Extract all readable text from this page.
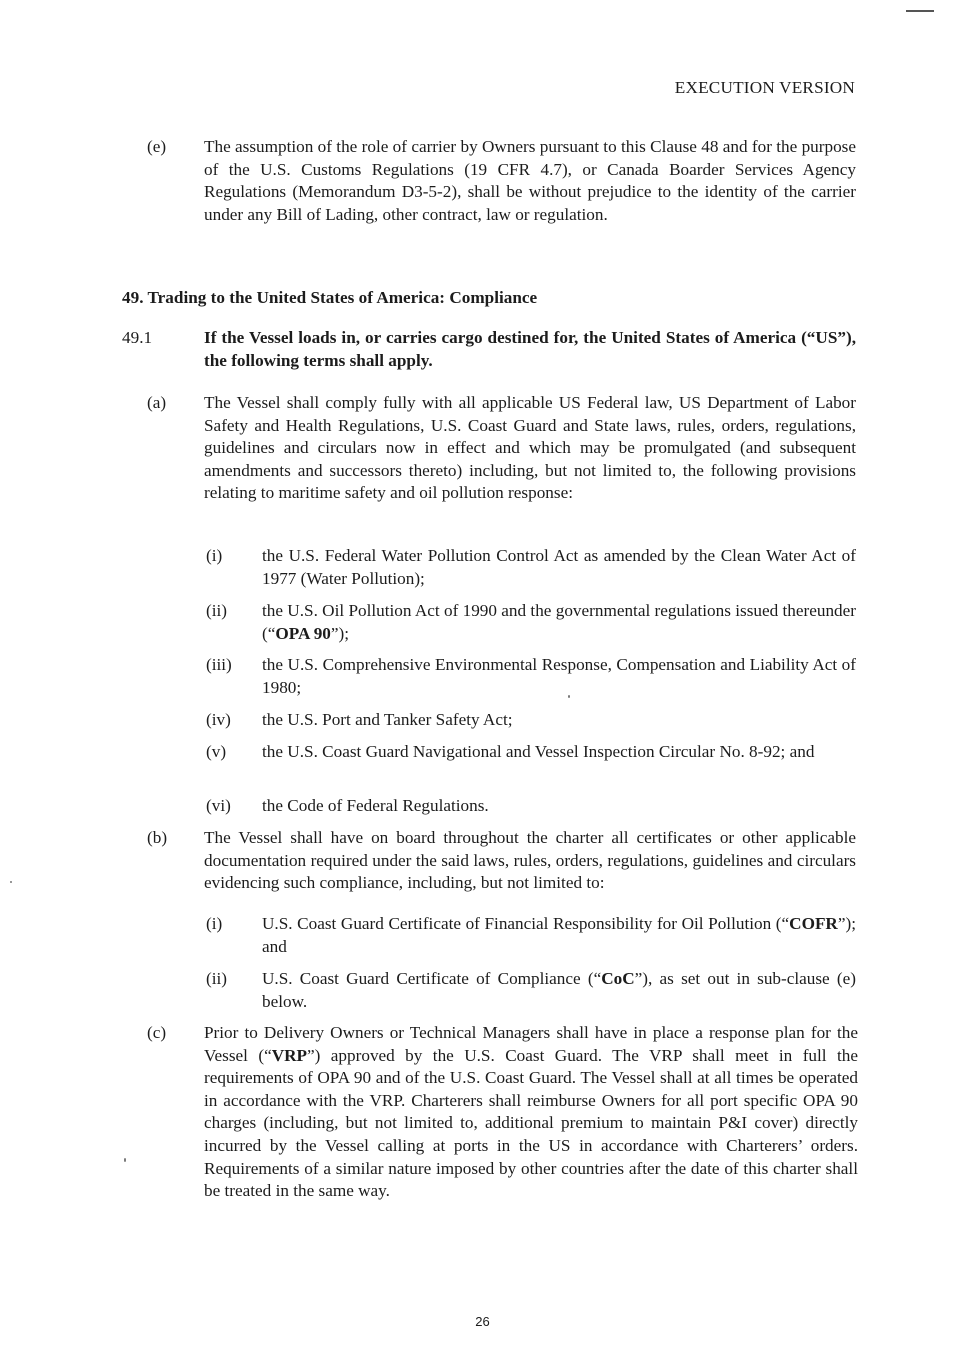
EXECUTION VERSION
(e) The assumption of the role of carrier by Owners pursuant to this Clause 48 and for the purpose of the U.S. Customs Regulations (19 CFR 4.7), or Canada Boarder Services Agency Regulations (Memorandum D3-5-2), shall be without prejudice to the identity of the carrier under any Bill of Lading, other contract, law or regulation.
49. Trading to the United States of America: Compliance
49.1	If the Vessel loads in, or carries cargo destined for, the United States of America (“US”), the following terms shall apply.
(a) The Vessel shall comply fully with all applicable US Federal law, US Department of Labor Safety and Health Regulations, U.S. Coast Guard and State laws, rules, orders, regulations, guidelines and circulars now in effect and which may be promulgated (and subsequent amendments and successors thereto) including, but not limited to, the following provisions relating to maritime safety and oil pollution response:
(i) the U.S. Federal Water Pollution Control Act as amended by the Clean Water Act of 1977 (Water Pollution);
(ii) the U.S. Oil Pollution Act of 1990 and the governmental regulations issued thereunder (“OPA 90”);
(iii) the U.S. Comprehensive Environmental Response, Compensation and Liability Act of 1980;
(iv) the U.S. Port and Tanker Safety Act;
(v) the U.S. Coast Guard Navigational and Vessel Inspection Circular No. 8-92; and
(vi) the Code of Federal Regulations.
(b) The Vessel shall have on board throughout the charter all certificates or other applicable documentation required under the said laws, rules, orders, regulations, guidelines and circulars evidencing such compliance, including, but not limited to:
(i) U.S. Coast Guard Certificate of Financial Responsibility for Oil Pollution (“COFR”); and
(ii) U.S. Coast Guard Certificate of Compliance (“CoC”), as set out in sub-clause (e) below.
(c) Prior to Delivery Owners or Technical Managers shall have in place a response plan for the Vessel (“VRP”) approved by the U.S. Coast Guard. The VRP shall meet in full the requirements of OPA 90 and of the U.S. Coast Guard. The Vessel shall at all times be operated in accordance with the VRP. Charterers shall reimburse Owners for all port specific OPA 90 charges (including, but not limited to, additional premium to maintain P&I cover) directly incurred by the Vessel calling at ports in the US in accordance with Charterers’ orders. Requirements of a similar nature imposed by other countries after the date of this charter shall be treated in the same way.
26
